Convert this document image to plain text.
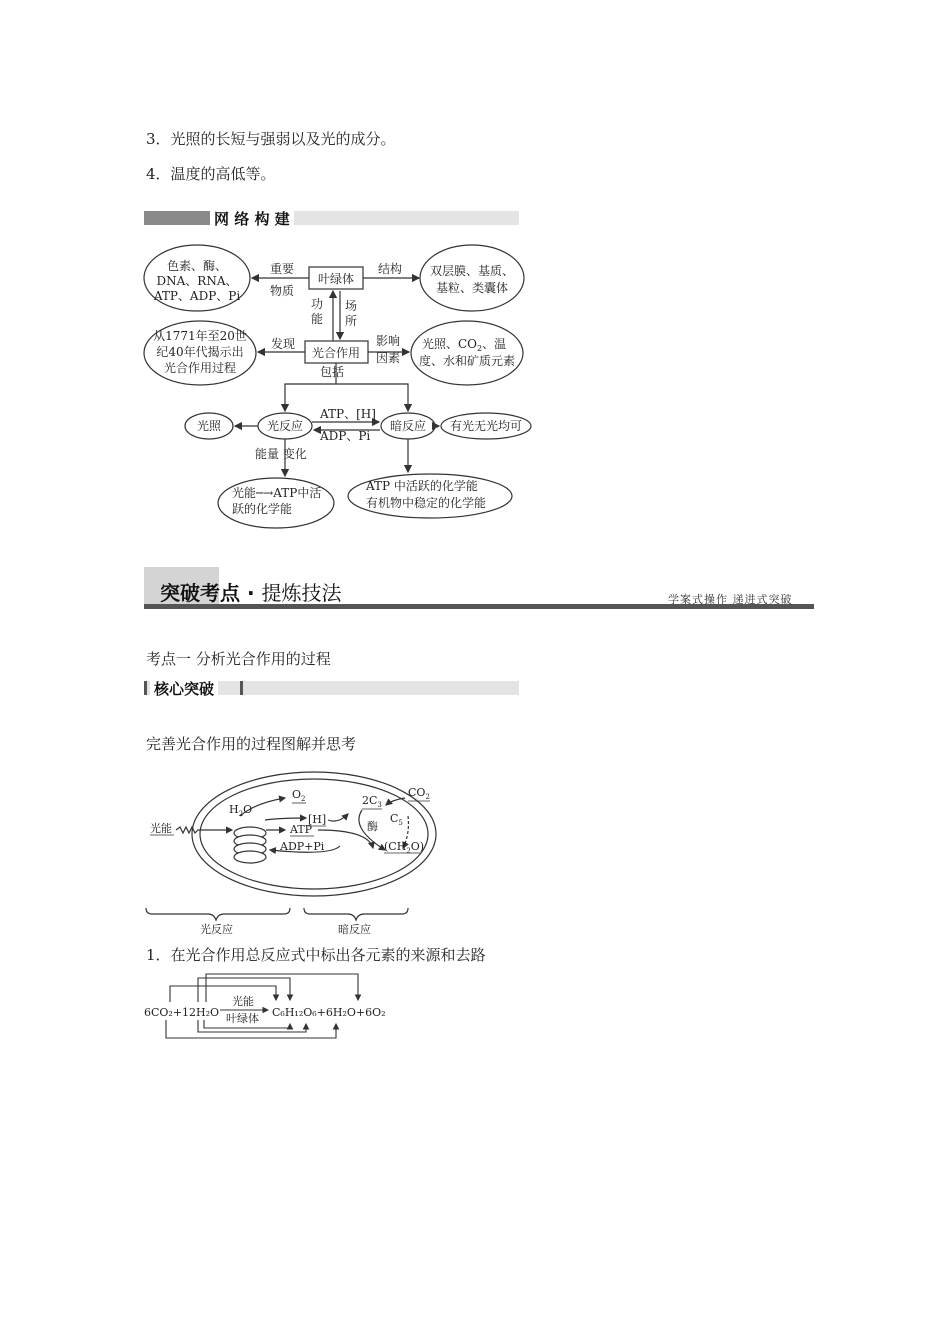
3．光照的长短与强弱以及光的成分。
4．温度的高低等。
网 络 构 建
色素、酶、
DNA、RNA、
ATP、ADP、Pi
叶绿体
双层膜、基质、
基粒、类囊体
从1771年至20世
纪40年代揭示出
光合作用过程
光合作用
光照、$CO_2$、温
度、水和矿质元素
光照	光反应	暗反应 有光无光均可
光能─→ATP中活
跃的化学能
ATP 中活跃的化学能
有机物中稳定的化学能
重要
物质
结构
功
能
场
所
发现	影响
因素
包括
ATP、[H]
ADP、Pi
能量 变化
突破考点 · 提炼技法	学案式操作 递进式突破
考点一 分析光合作用的过程
核心突破
完善光合作用的过程图解并思考
光能
$H_2O$
$O_2$
[H]
ATP
ADP+Pi
$2C_3$
酶
$C_5$
$CO_2$
$(CH_2O)$
光反应	暗反应
1．在光合作用总反应式中标出各元素的来源和去路
6CO₂+12H₂O
光能
叶绿体 C₆H₁₂O₆+6H₂O+6O₂
